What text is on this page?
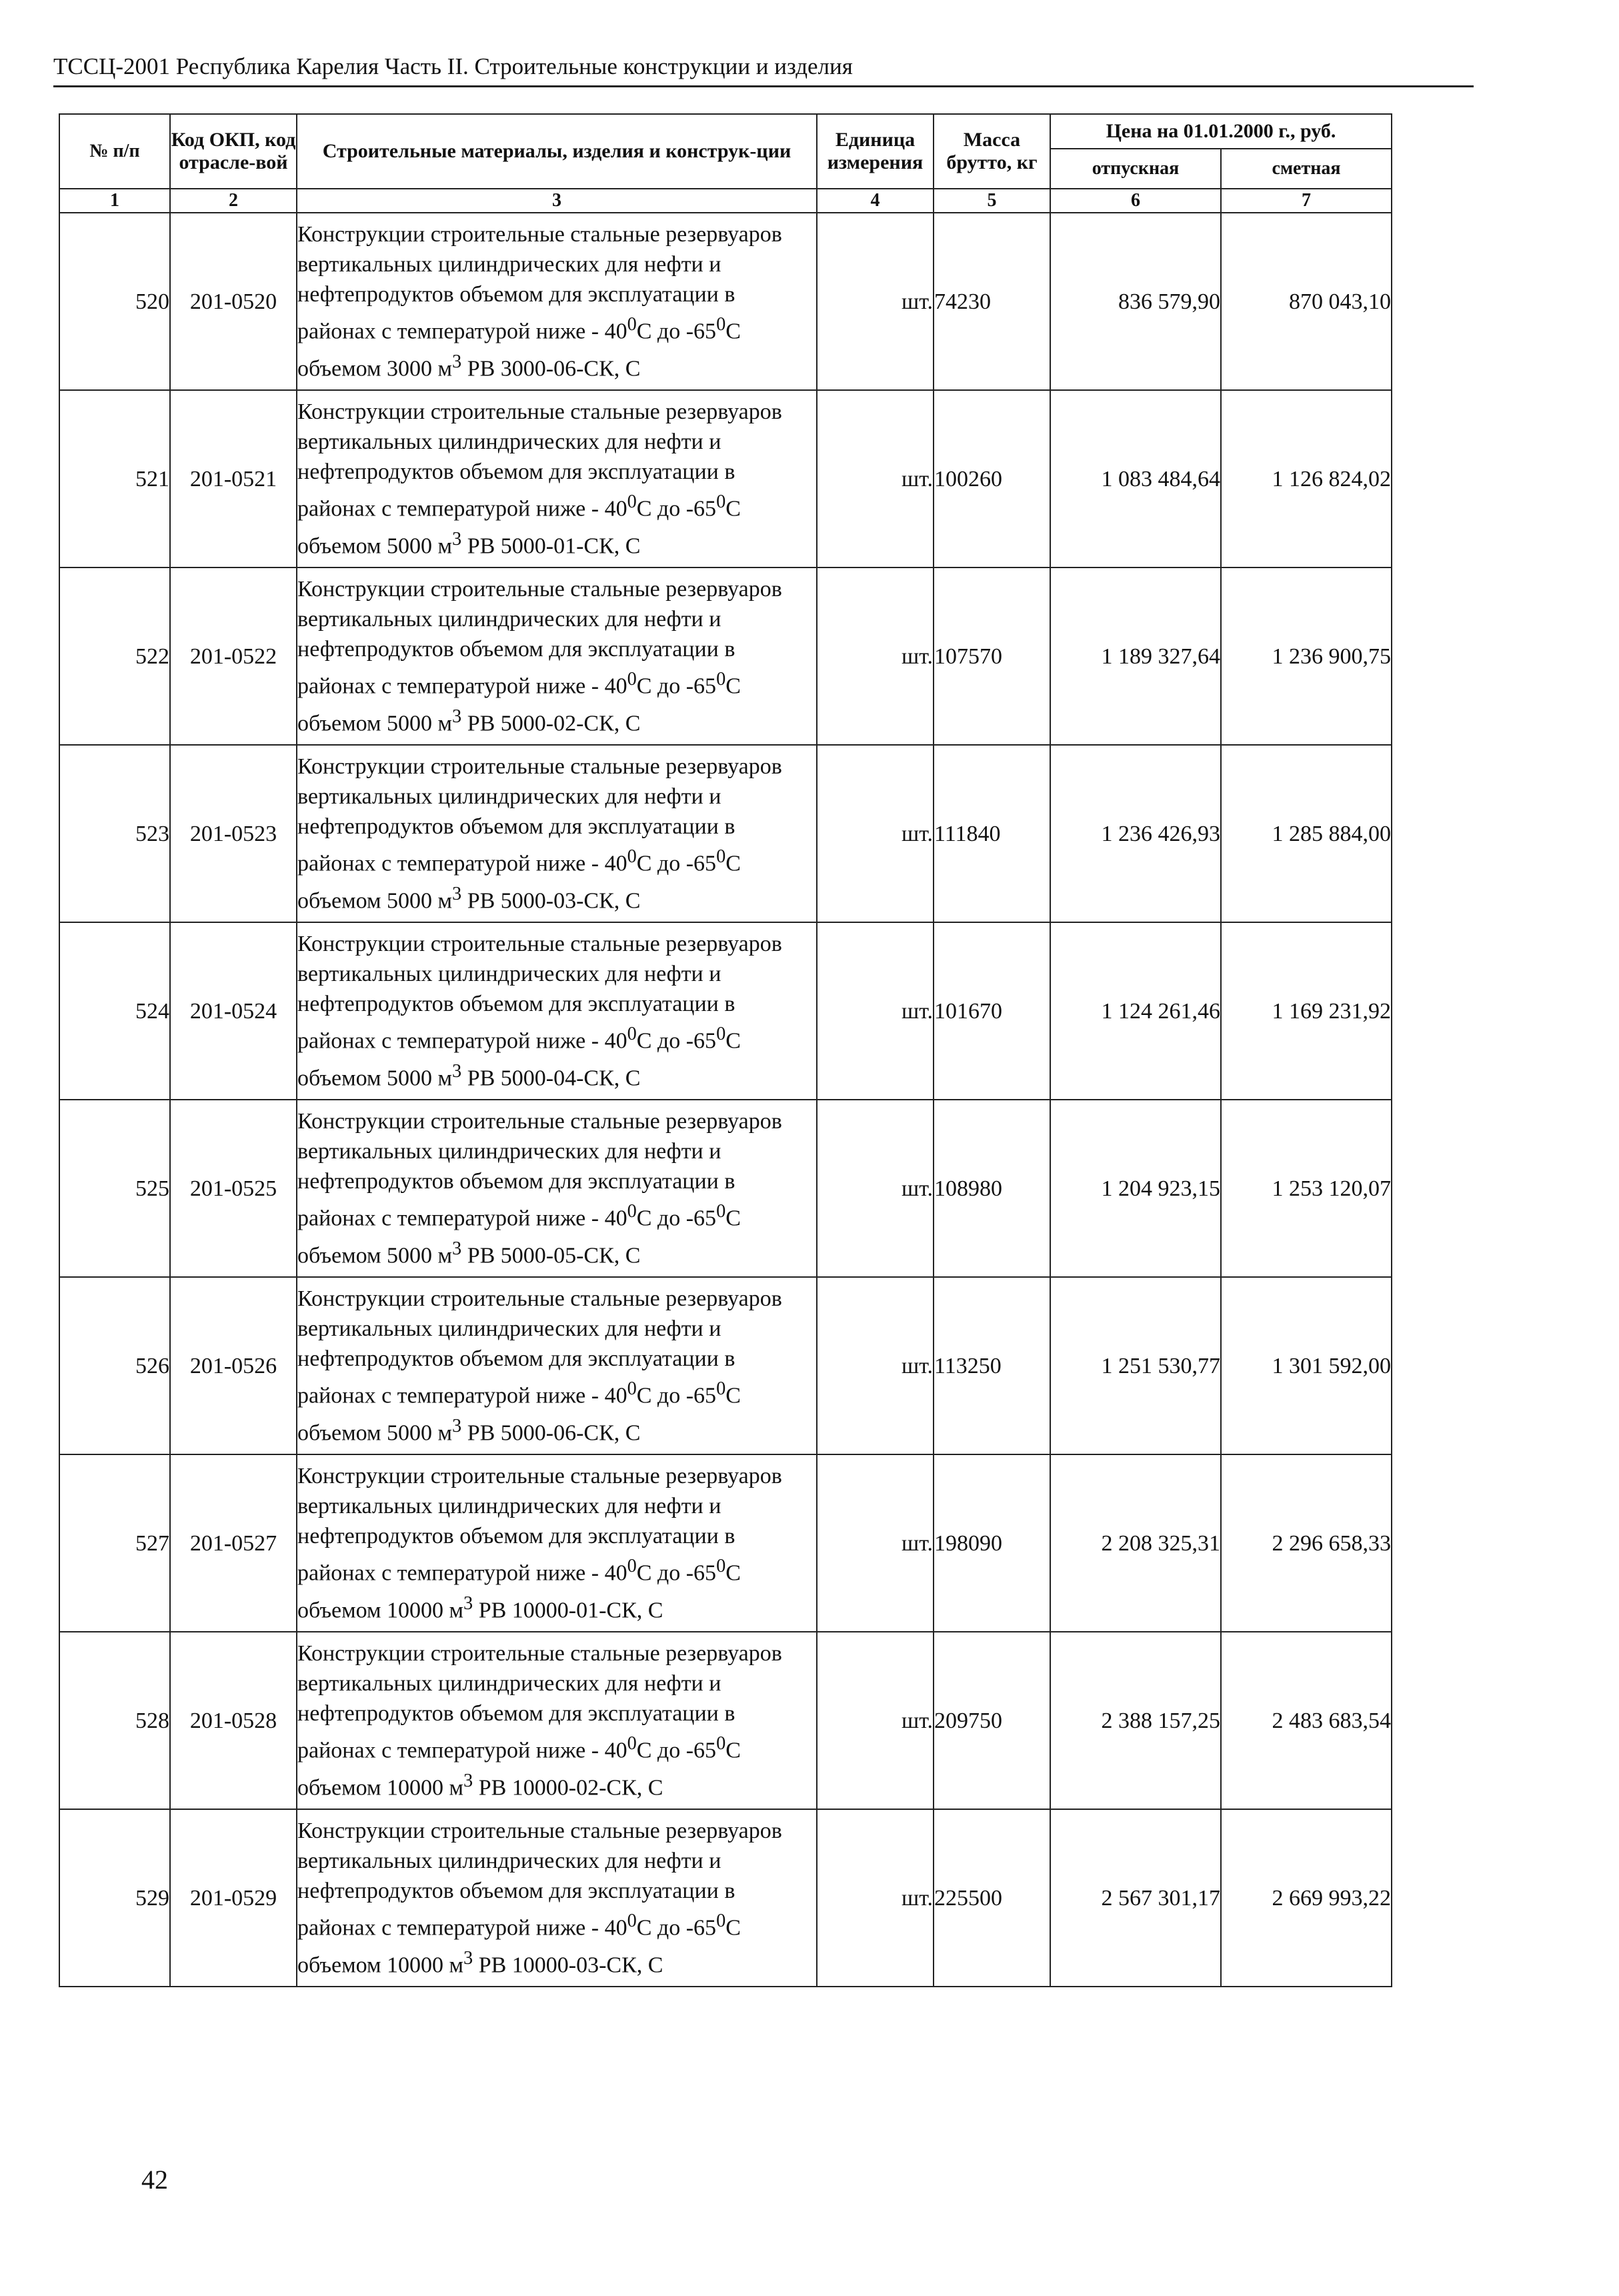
ТССЦ-2001 Республика Карелия Часть II. Строительные конструкции и изделия
№ п/п	Код ОКП, код отрасле-вой	Строительные материалы, изделия и конструк-ции	Единица измерения	Масса брутто, кг	Цена на 01.01.2000 г., руб.	
					отпускная	сметная
1	2	3	4	5	6	7
520	201-0520	Конструкции строительные стальные резервуаров вертикальных цилиндрических для нефти и нефтепродуктов объемом для эксплуатации в районах с температурой ниже - $40^0С$ до $-65^0С$ объемом 3000 $м^3$ РВ 3000-06-СК, С	шт.	74230	836 579,90	870 043,10
521	201-0521	Конструкции строительные стальные резервуаров вертикальных цилиндрических для нефти и нефтепродуктов объемом для эксплуатации в районах с температурой ниже - $40^0С$ до $-65^0С$ объемом 5000 $м^3$ РВ 5000-01-СК, С	шт.	100260	1 083 484,64	1 126 824,02
522	201-0522	Конструкции строительные стальные резервуаров вертикальных цилиндрических для нефти и нефтепродуктов объемом для эксплуатации в районах с температурой ниже - $40^0С$ до $-65^0С$ объемом 5000 $м^3$ РВ 5000-02-СК, С	шт.	107570	1 189 327,64	1 236 900,75
523	201-0523	Конструкции строительные стальные резервуаров вертикальных цилиндрических для нефти и нефтепродуктов объемом для эксплуатации в районах с температурой ниже - $40^0С$ до $-65^0С$ объемом 5000 $м^3$ РВ 5000-03-СК, С	шт.	111840	1 236 426,93	1 285 884,00
524	201-0524	Конструкции строительные стальные резервуаров вертикальных цилиндрических для нефти и нефтепродуктов объемом для эксплуатации в районах с температурой ниже - $40^0С$ до $-65^0С$ объемом 5000 $м^3$ РВ 5000-04-СК, С	шт.	101670	1 124 261,46	1 169 231,92
525	201-0525	Конструкции строительные стальные резервуаров вертикальных цилиндрических для нефти и нефтепродуктов объемом для эксплуатации в районах с температурой ниже - $40^0С$ до $-65^0С$ объемом 5000 $м^3$ РВ 5000-05-СК, С	шт.	108980	1 204 923,15	1 253 120,07
526	201-0526	Конструкции строительные стальные резервуаров вертикальных цилиндрических для нефти и нефтепродуктов объемом для эксплуатации в районах с температурой ниже - $40^0С$ до $-65^0С$ объемом 5000 $м^3$ РВ 5000-06-СК, С	шт.	113250	1 251 530,77	1 301 592,00
527	201-0527	Конструкции строительные стальные резервуаров вертикальных цилиндрических для нефти и нефтепродуктов объемом для эксплуатации в районах с температурой ниже - $40^0С$ до $-65^0С$ объемом 10000 $м^3$ РВ 10000-01-СК, С	шт.	198090	2 208 325,31	2 296 658,33
528	201-0528	Конструкции строительные стальные резервуаров вертикальных цилиндрических для нефти и нефтепродуктов объемом для эксплуатации в районах с температурой ниже - $40^0С$ до $-65^0С$ объемом 10000 $м^3$ РВ 10000-02-СК, С	шт.	209750	2 388 157,25	2 483 683,54
529	201-0529	Конструкции строительные стальные резервуаров вертикальных цилиндрических для нефти и нефтепродуктов объемом для эксплуатации в районах с температурой ниже - $40^0С$ до $-65^0С$ объемом 10000 $м^3$ РВ 10000-03-СК, С	шт.	225500	2 567 301,17	2 669 993,22
42
